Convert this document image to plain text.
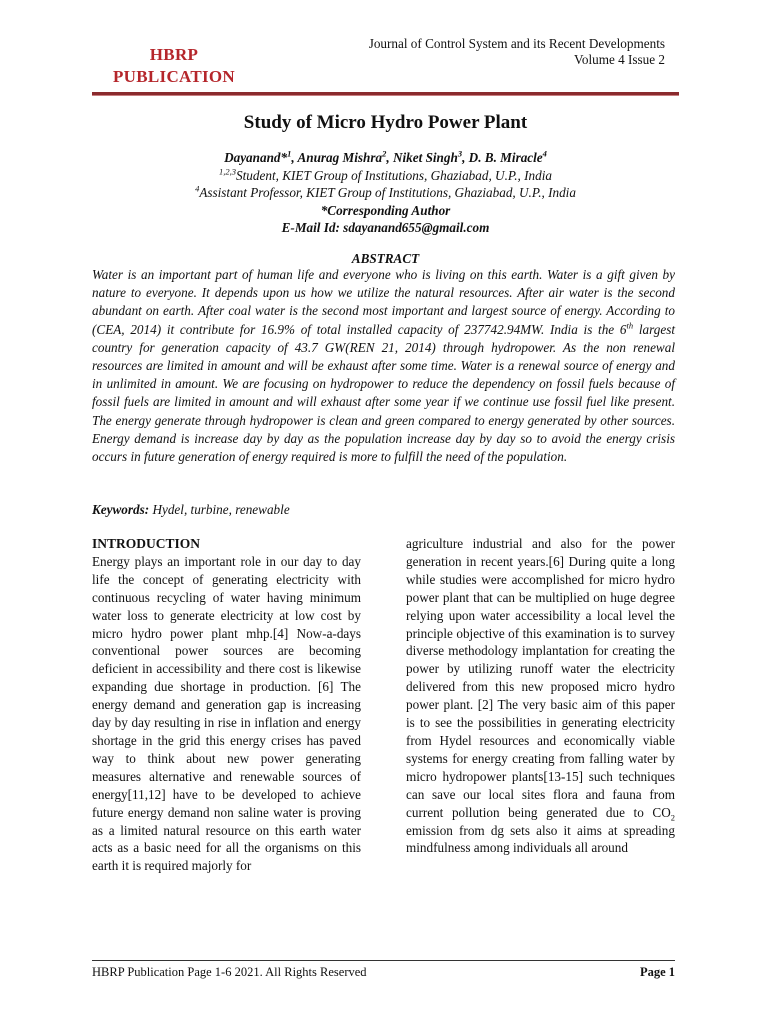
HBRP
PUBLICATION
Journal of Control System and its Recent Developments
Volume 4 Issue 2
Study of Micro Hydro Power Plant
Dayanand*$^1$, Anurag Mishra$^2$, Niket Singh$^3$, D. B. Miracle$^4$
$^{1,2,3}$Student, KIET Group of Institutions, Ghaziabad, U.P., India
$^4$Assistant Professor, KIET Group of Institutions, Ghaziabad, U.P., India
*Corresponding Author
E-Mail Id: sdayanand655@gmail.com
ABSTRACT
Water is an important part of human life and everyone who is living on this earth. Water is a gift given by nature to everyone. It depends upon us how we utilize the natural resources. After air water is the second abundant on earth. After coal water is the second most important and largest source of energy. According to (CEA, 2014) it contribute for 16.9% of total installed capacity of 237742.94MW. India is the 6th largest country for generation capacity of 43.7 GW(REN 21, 2014) through hydropower. As the non renewal resources are limited in amount and will be exhaust after some time. Water is a renewal source of energy and in unlimited in amount. We are focusing on hydropower to reduce the dependency on fossil fuels because of fossil fuels are limited in amount and will exhaust after some year if we continue use fossil fuel like present. The energy generate through hydropower is clean and green compared to energy generated by other sources. Energy demand is increase day by day as the population increase day by day so to avoid the energy crisis occurs in future generation of energy required is more to fulfill the need of the population.
Keywords: Hydel, turbine, renewable
INTRODUCTION
Energy plays an important role in our day to day life the concept of generating electricity with continuous recycling of water having minimum water loss to generate electricity at low cost by micro hydro power plant mhp.[4] Now-a-days conventional power sources are becoming deficient in accessibility and there cost is likewise expanding due shortage in production. [6] The energy demand and generation gap is increasing day by day resulting in rise in inflation and energy shortage in the grid this energy crises has paved way to think about new power generating measures alternative and renewable sources of energy[11,12] have to be developed to achieve future energy demand non saline water is proving as a limited natural resource on this earth water acts as a basic need for all the organisms on this earth it is required majorly for
agriculture industrial and also for the power generation in recent years.[6] During quite a long while studies were accomplished for micro hydro power plant that can be multiplied on huge degree relying upon water accessibility a local level the principle objective of this examination is to survey diverse methodology implantation for creating the power by utilizing runoff water the electricity delivered from this new proposed micro hydro power plant. [2] The very basic aim of this paper is to see the possibilities in generating electricity from Hydel resources and economically viable systems for energy creating from falling water by micro hydropower plants[13-15] such techniques can save our local sites flora and fauna from current pollution being generated due to $CO_2$ emission from dg sets also it aims at spreading mindfulness among individuals all around
HBRP Publication Page 1-6 2021. All Rights Reserved	Page 1
